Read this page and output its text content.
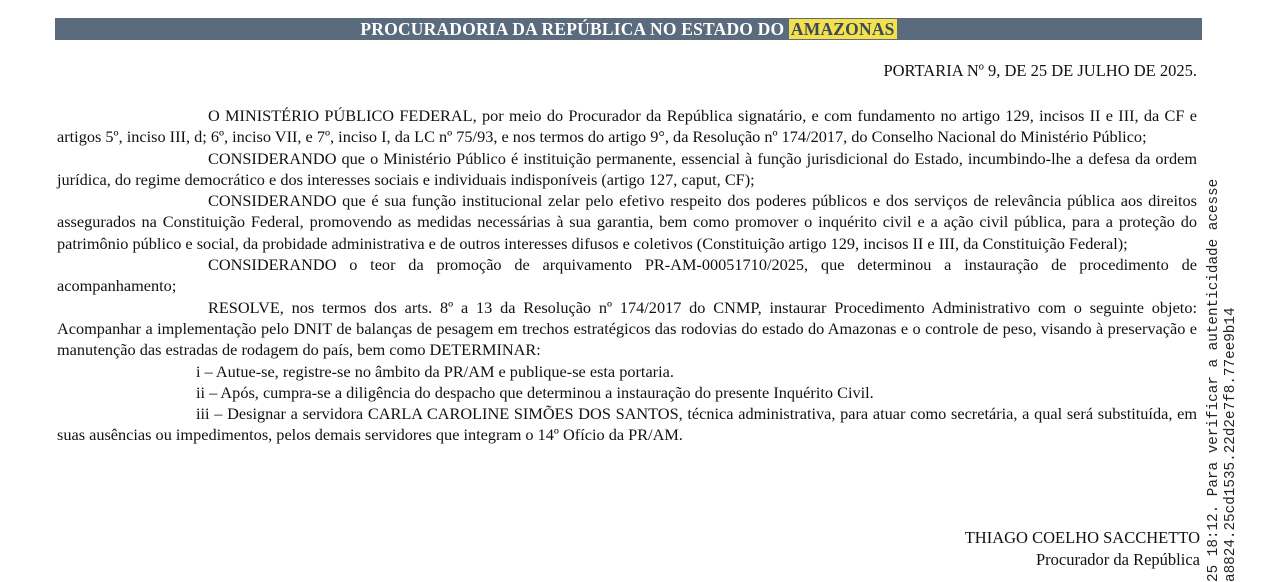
PROCURADORIA DA REPÚBLICA NO ESTADO DO AMAZONAS
PORTARIA Nº 9, DE 25 DE JULHO DE 2025.

O MINISTÉRIO PÚBLICO FEDERAL, por meio do Procurador da República signatário, e com fundamento no artigo 129, incisos II e III, da CF e artigos 5º, inciso III, d; 6º, inciso VII, e 7º, inciso I, da LC nº 75/93, e nos termos do artigo 9°, da Resolução nº 174/2017, do Conselho Nacional do Ministério Público;

CONSIDERANDO que o Ministério Público é instituição permanente, essencial à função jurisdicional do Estado, incumbindo-lhe a defesa da ordem jurídica, do regime democrático e dos interesses sociais e individuais indisponíveis (artigo 127, caput, CF);

CONSIDERANDO que é sua função institucional zelar pelo efetivo respeito dos poderes públicos e dos serviços de relevância pública aos direitos assegurados na Constituição Federal, promovendo as medidas necessárias à sua garantia, bem como promover o inquérito civil e a ação civil pública, para a proteção do patrimônio público e social, da probidade administrativa e de outros interesses difusos e coletivos (Constituição artigo 129, incisos II e III, da Constituição Federal);

CONSIDERANDO o teor da promoção de arquivamento PR-AM-00051710/2025, que determinou a instauração de procedimento de acompanhamento;

RESOLVE, nos termos dos arts. 8º a 13 da Resolução nº 174/2017 do CNMP, instaurar Procedimento Administrativo com o seguinte objeto: Acompanhar a implementação pelo DNIT de balanças de pesagem em trechos estratégicos das rodovias do estado do Amazonas e o controle de peso, visando à preservação e manutenção das estradas de rodagem do país, bem como DETERMINAR:

i – Autue-se, registre-se no âmbito da PR/AM e publique-se esta portaria.

ii – Após, cumpra-se a diligência do despacho que determinou a instauração do presente Inquérito Civil.

iii – Designar a servidora CARLA CAROLINE SIMÕES DOS SANTOS, técnica administrativa, para atuar como secretária, a qual será substituída, em suas ausências ou impedimentos, pelos demais servidores que integram o 14º Ofício da PR/AM.

THIAGO COELHO SACCHETTO
Procurador da República 25 18:12. Para verificar a autenticidade acesse a8824.25cd1535.22d2e7f8.77ee9b14
